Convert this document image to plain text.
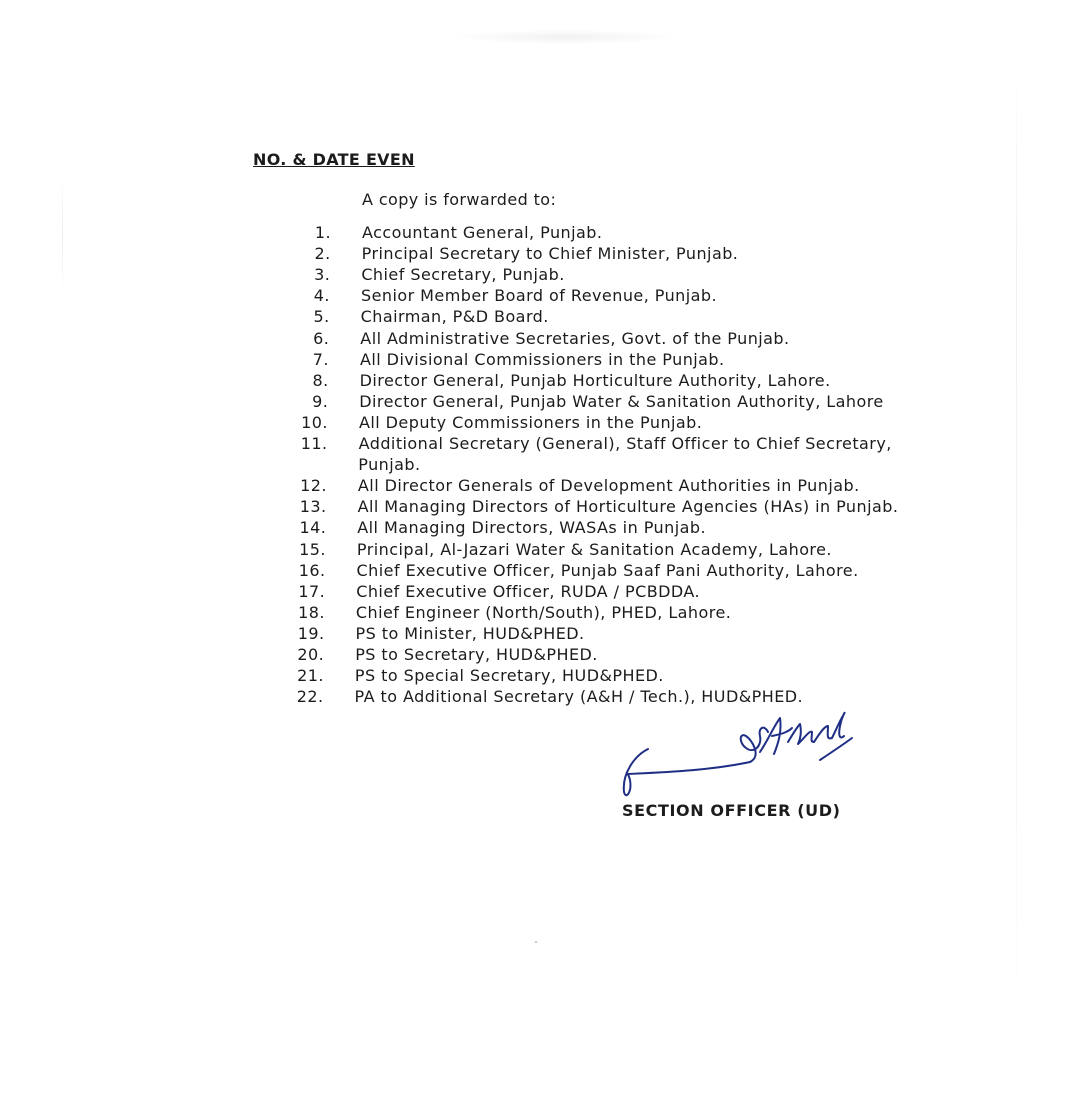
NO. & DATE EVEN
A copy is forwarded to:
1. Accountant General, Punjab.
2. Principal Secretary to Chief Minister, Punjab.
3. Chief Secretary, Punjab.
4. Senior Member Board of Revenue, Punjab.
5. Chairman, P&D Board.
6. All Administrative Secretaries, Govt. of the Punjab.
7. All Divisional Commissioners in the Punjab.
8. Director General, Punjab Horticulture Authority, Lahore.
9. Director General, Punjab Water & Sanitation Authority, Lahore
10. All Deputy Commissioners in the Punjab.
11. Additional Secretary (General), Staff Officer to Chief Secretary,
Punjab.
12. All Director Generals of Development Authorities in Punjab.
13. All Managing Directors of Horticulture Agencies (HAs) in Punjab.
14. All Managing Directors, WASAs in Punjab.
15. Principal, Al-Jazari Water & Sanitation Academy, Lahore.
16. Chief Executive Officer, Punjab Saaf Pani Authority, Lahore.
17. Chief Executive Officer, RUDA / PCBDDA.
18. Chief Engineer (North/South), PHED, Lahore.
19. PS to Minister, HUD&PHED.
20. PS to Secretary, HUD&PHED.
21. PS to Special Secretary, HUD&PHED.
22. PA to Additional Secretary (A&H / Tech.), HUD&PHED.
SECTION OFFICER (UD)
